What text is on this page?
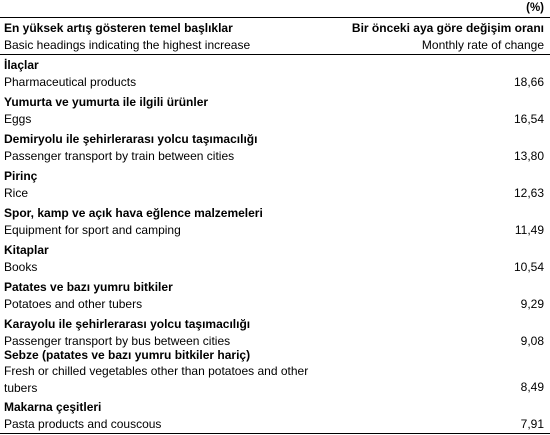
(%)
En yüksek artış gösteren temel başlıklar
Basic headings indicating the highest increase
Bir önceki aya göre değişim oranı
Monthly rate of change
İlaçlar
Pharmaceutical products	18,66
Yumurta ve yumurta ile ilgili ürünler
Eggs	16,54
Demiryolu ile şehirlerarası yolcu taşımacılığı
Passenger transport by train between cities	13,80
Pirinç
Rice	12,63
Spor, kamp ve açık hava eğlence malzemeleri
Equipment for sport and camping	11,49
Kitaplar
Books	10,54
Patates ve bazı yumru bitkiler
Potatoes and other tubers	9,29
Karayolu ile şehirlerarası yolcu taşımacılığı
Passenger transport by bus between cities	9,08
Sebze (patates ve bazı yumru bitkiler hariç)
Fresh or chilled vegetables other than potatoes and other tubers	8,49
Makarna çeşitleri
Pasta products and couscous	7,91
